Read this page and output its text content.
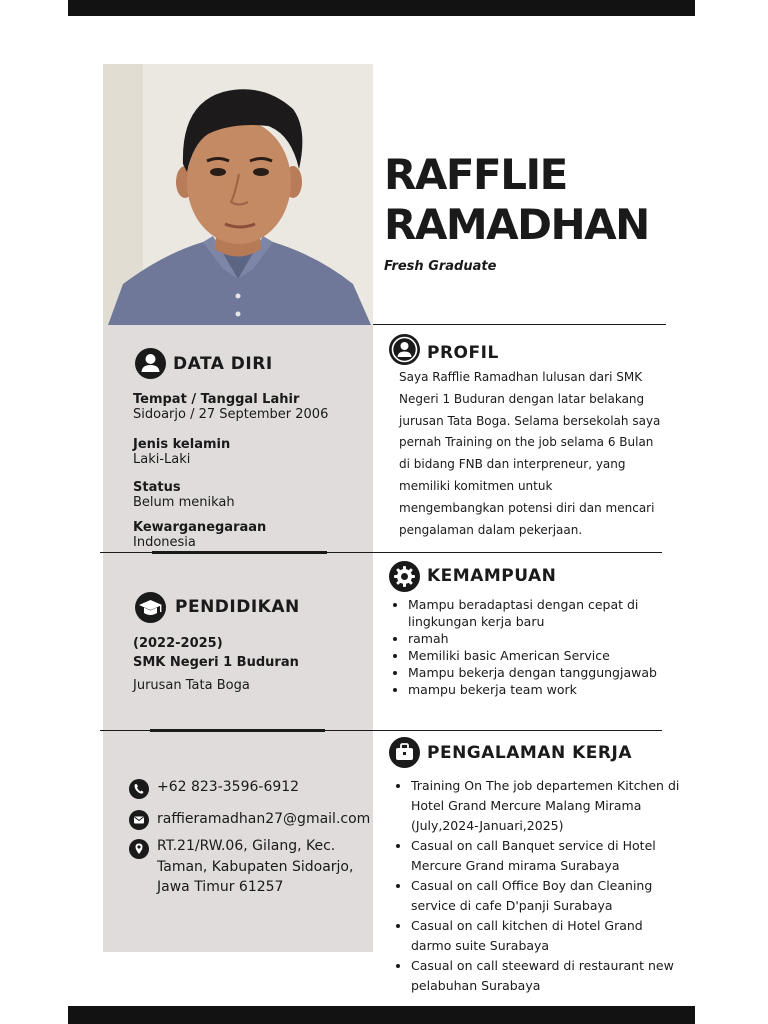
RAFFLIE
RAMADHAN
Fresh Graduate
DATA DIRI
Tempat / Tanggal Lahir
Sidoarjo / 27 September 2006
Jenis kelamin
Laki-Laki
Status
Belum menikah
Kewarganegaraan
Indonesia
PROFIL
Saya Rafflie Ramadhan lulusan dari SMK Negeri 1 Buduran dengan latar belakang jurusan Tata Boga. Selama bersekolah saya pernah Training on the job selama 6 Bulan di bidang FNB dan interpreneur, yang memiliki komitmen untuk mengembangkan potensi diri dan mencari pengalaman dalam pekerjaan.
KEMAMPUAN
• Mampu beradaptasi dengan cepat di lingkungan kerja baru
• ramah
• Memiliki basic American Service
• Mampu bekerja dengan tanggungjawab
• mampu bekerja team work
PENDIDIKAN
(2022-2025)
SMK Negeri 1 Buduran
Jurusan Tata Boga
PENGALAMAN KERJA
• Training On The job departemen Kitchen di Hotel Grand Mercure Malang Mirama (July,2024-Januari,2025)
• Casual on call Banquet service di Hotel Mercure Grand mirama Surabaya
• Casual on call Office Boy dan Cleaning service di cafe D'panji Surabaya
• Casual on call kitchen di Hotel Grand darmo suite Surabaya
• Casual on call steeward di restaurant new pelabuhan Surabaya
+62 823-3596-6912
raffieramadhan27@gmail.com
RT.21/RW.06, Gilang, Kec.
Taman, Kabupaten Sidoarjo,
Jawa Timur 61257
